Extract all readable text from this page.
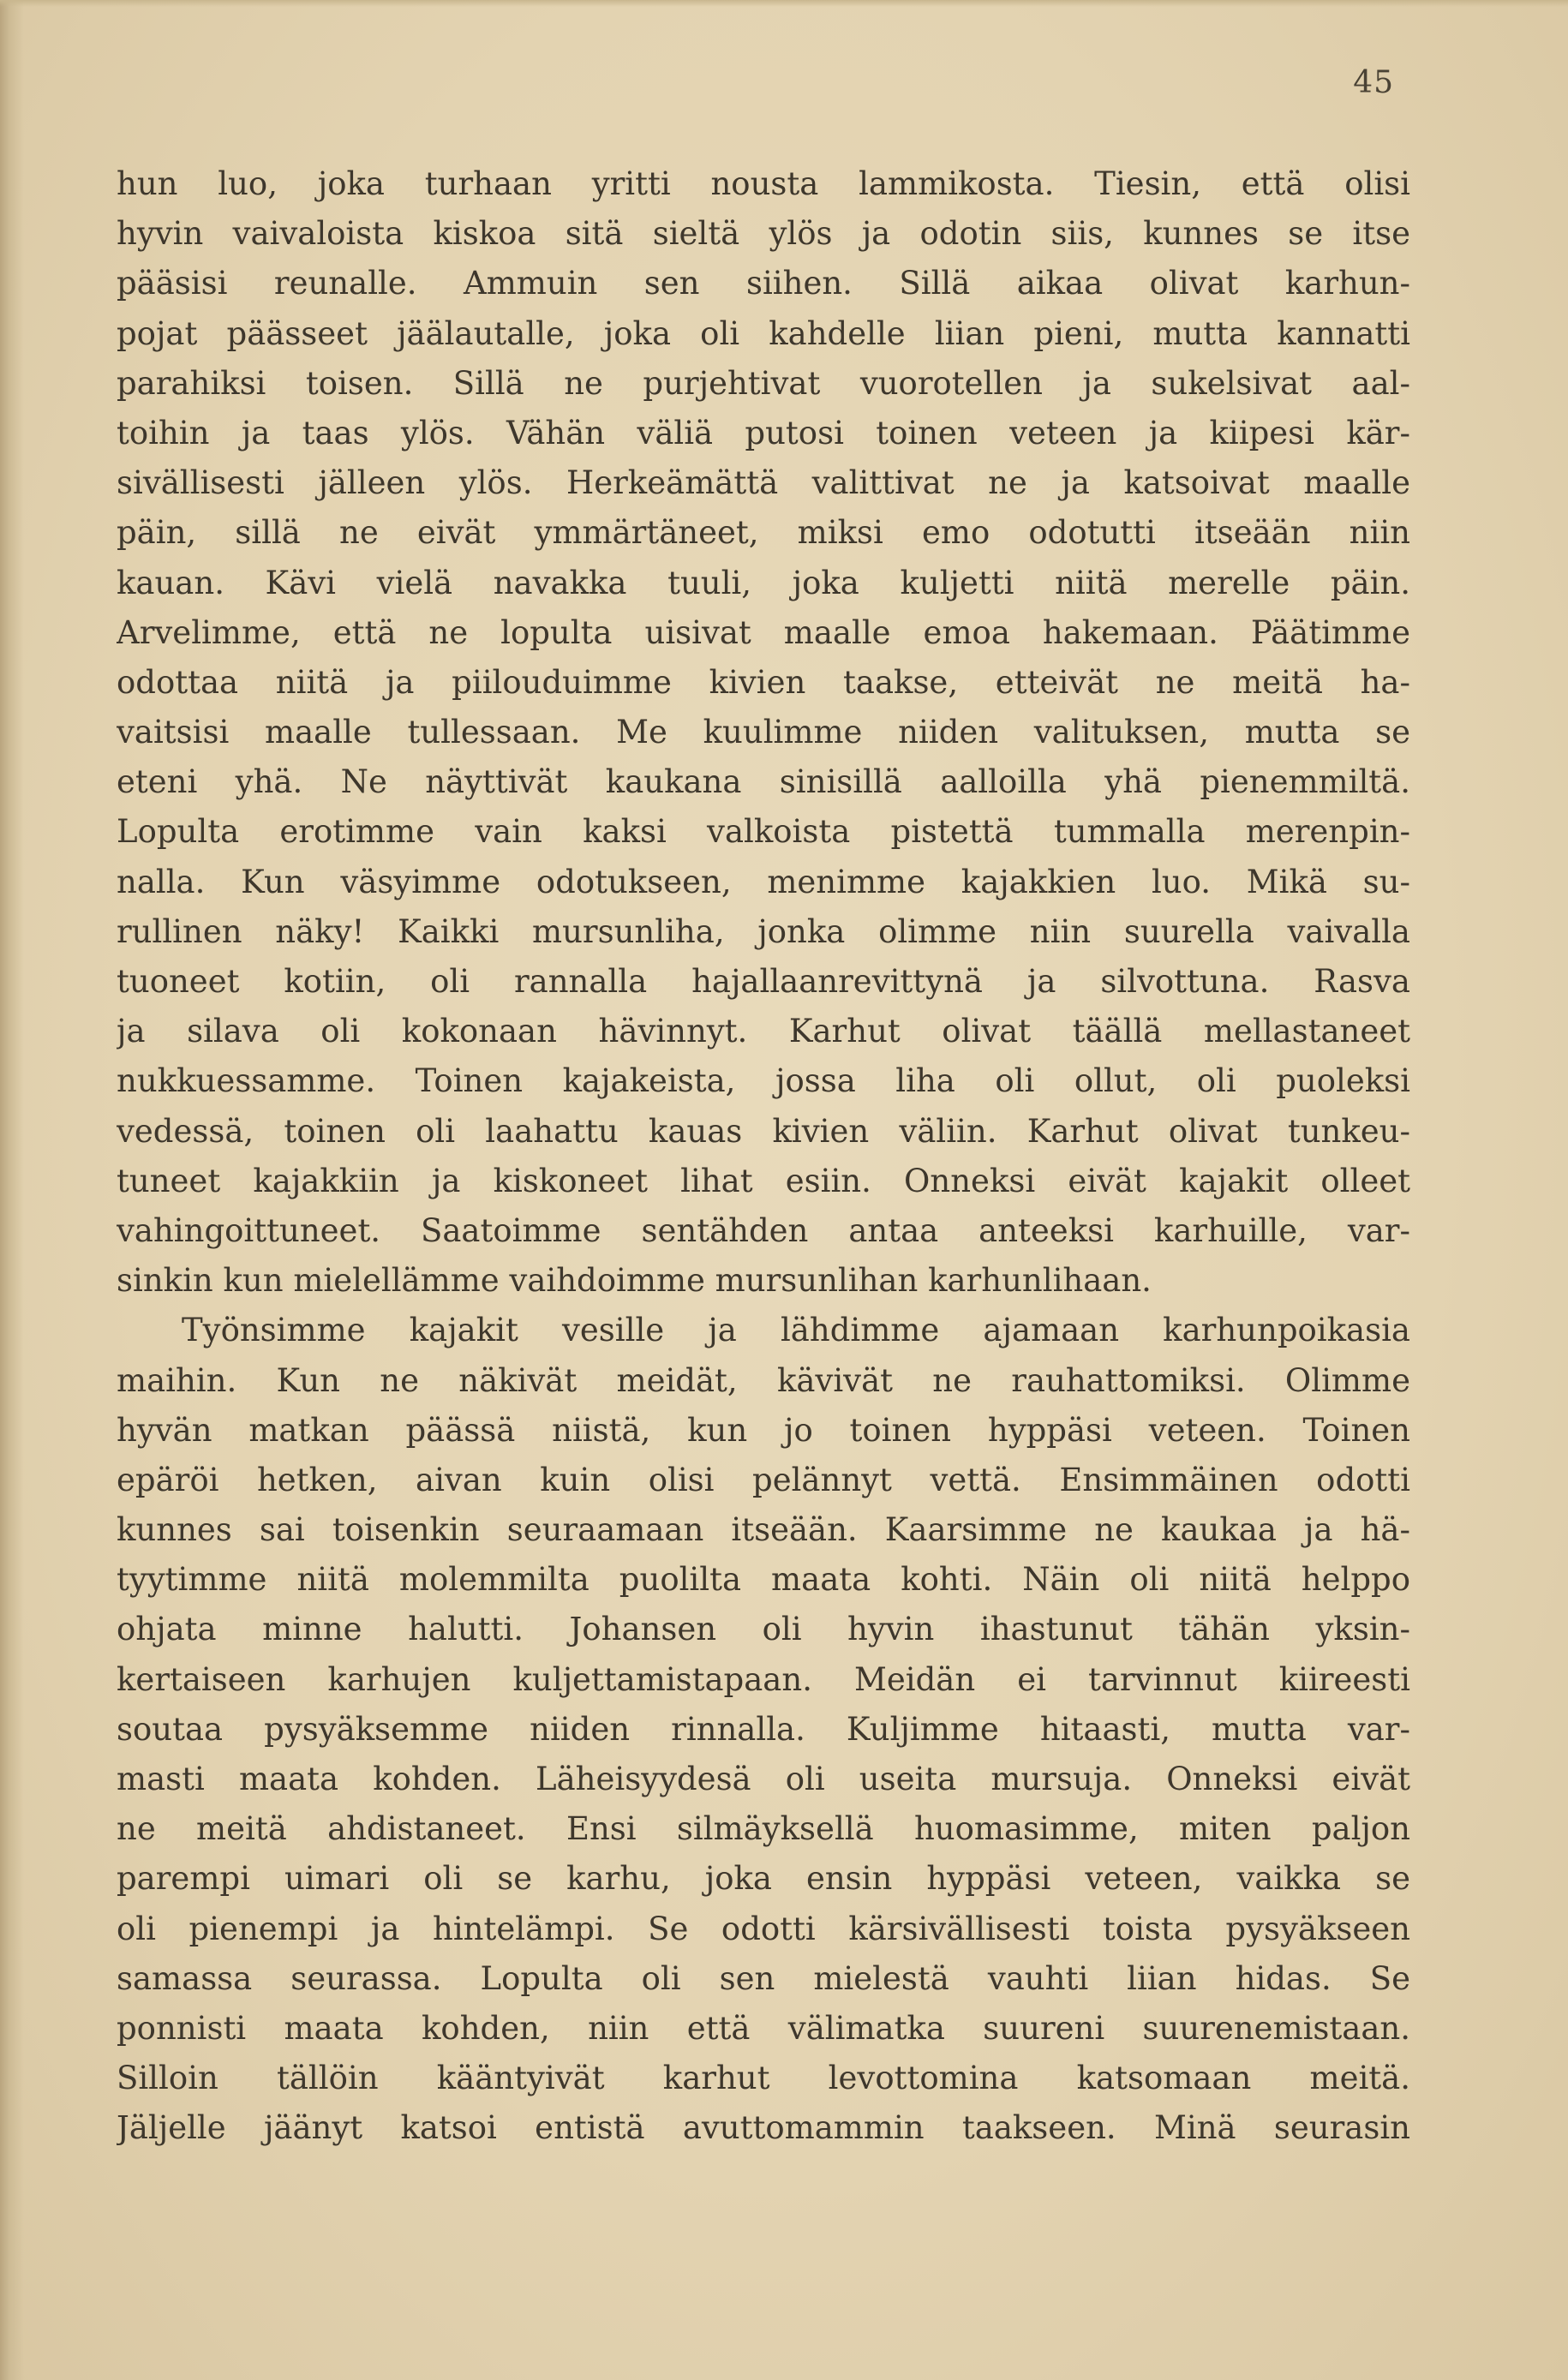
45
hun luo, joka turhaan yritti nousta lammikosta. Tiesin, että olisi
hyvin vaivaloista kiskoa sitä sieltä ylös ja odotin siis, kunnes se itse
pääsisi reunalle. Ammuin sen siihen. Sillä aikaa olivat karhun-
pojat päässeet jäälautalle, joka oli kahdelle liian pieni, mutta kannatti
parahiksi toisen. Sillä ne purjehtivat vuorotellen ja sukelsivat aal-
toihin ja taas ylös. Vähän väliä putosi toinen veteen ja kiipesi kär-
sivällisesti jälleen ylös. Herkeämättä valittivat ne ja katsoivat maalle
päin, sillä ne eivät ymmärtäneet, miksi emo odotutti itseään niin
kauan. Kävi vielä navakka tuuli, joka kuljetti niitä merelle päin.
Arvelimme, että ne lopulta uisivat maalle emoa hakemaan. Päätimme
odottaa niitä ja piilouduimme kivien taakse, etteivät ne meitä ha-
vaitsisi maalle tullessaan. Me kuulimme niiden valituksen, mutta se
eteni yhä. Ne näyttivät kaukana sinisillä aalloilla yhä pienemmiltä.
Lopulta erotimme vain kaksi valkoista pistettä tummalla merenpin-
nalla. Kun väsyimme odotukseen, menimme kajakkien luo. Mikä su-
rullinen näky! Kaikki mursunliha, jonka olimme niin suurella vaivalla
tuoneet kotiin, oli rannalla hajallaanrevittynä ja silvottuna. Rasva
ja silava oli kokonaan hävinnyt. Karhut olivat täällä mellastaneet
nukkuessamme. Toinen kajakeista, jossa liha oli ollut, oli puoleksi
vedessä, toinen oli laahattu kauas kivien väliin. Karhut olivat tunkeu-
tuneet kajakkiin ja kiskoneet lihat esiin. Onneksi eivät kajakit olleet
vahingoittuneet. Saatoimme sentähden antaa anteeksi karhuille, var-
sinkin kun mielellämme vaihdoimme mursunlihan karhunlihaan.
Työnsimme kajakit vesille ja lähdimme ajamaan karhunpoikasia
maihin. Kun ne näkivät meidät, kävivät ne rauhattomiksi. Olimme
hyvän matkan päässä niistä, kun jo toinen hyppäsi veteen. Toinen
epäröi hetken, aivan kuin olisi pelännyt vettä. Ensimmäinen odotti
kunnes sai toisenkin seuraamaan itseään. Kaarsimme ne kaukaa ja hä-
tyytimme niitä molemmilta puolilta maata kohti. Näin oli niitä helppo
ohjata minne halutti. Johansen oli hyvin ihastunut tähän yksin-
kertaiseen karhujen kuljettamistapaan. Meidän ei tarvinnut kiireesti
soutaa pysyäksemme niiden rinnalla. Kuljimme hitaasti, mutta var-
masti maata kohden. Läheisyydesä oli useita mursuja. Onneksi eivät
ne meitä ahdistaneet. Ensi silmäyksellä huomasimme, miten paljon
parempi uimari oli se karhu, joka ensin hyppäsi veteen, vaikka se
oli pienempi ja hintelämpi. Se odotti kärsivällisesti toista pysyäkseen
samassa seurassa. Lopulta oli sen mielestä vauhti liian hidas. Se
ponnisti maata kohden, niin että välimatka suureni suurenemistaan.
Silloin tällöin kääntyivät karhut levottomina katsomaan meitä.
Jäljelle jäänyt katsoi entistä avuttomammin taakseen. Minä seurasin
